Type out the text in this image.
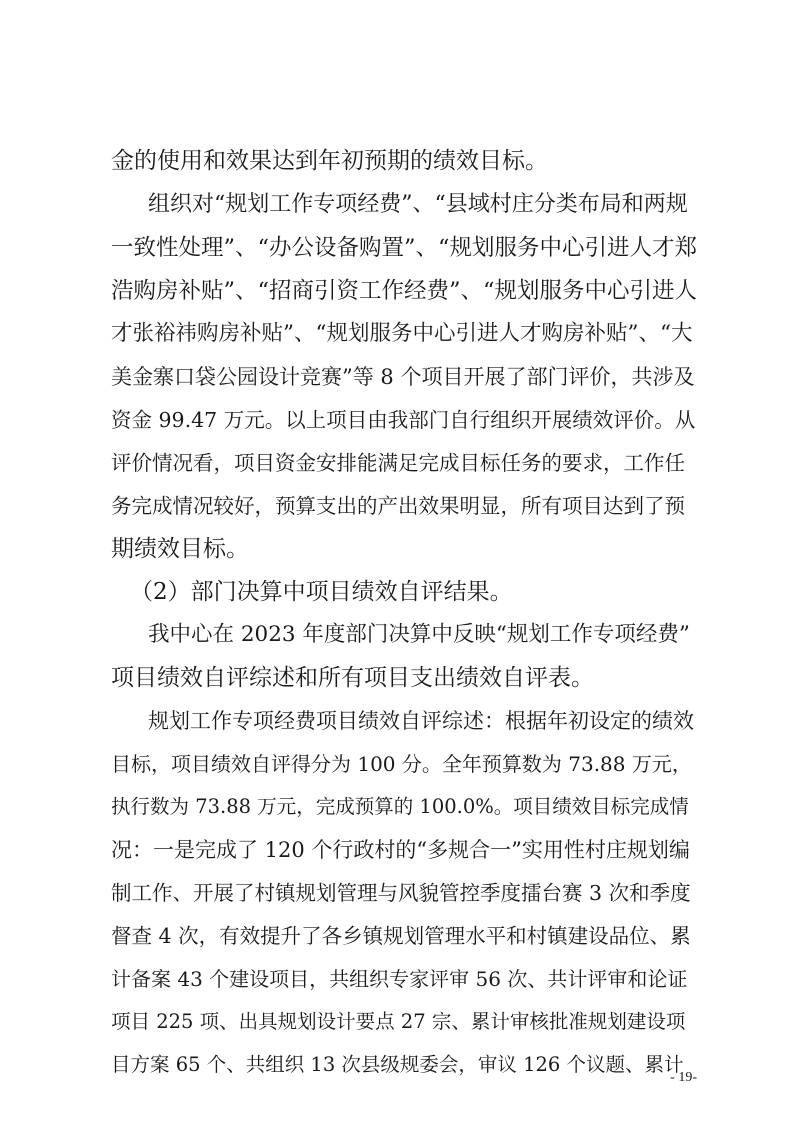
金的使用和效果达到年初预期的绩效目标。
组织对“规划工作专项经费”、“县域村庄分类布局和两规
一致性处理”、“办公设备购置”、“规划服务中心引进人才郑
浩购房补贴”、“招商引资工作经费”、“规划服务中心引进人
才张裕祎购房补贴”、“规划服务中心引进人才购房补贴”、“大
美金寨口袋公园设计竞赛”等 8 个项目开展了部门评价，共涉及
资金 99.47 万元。以上项目由我部门自行组织开展绩效评价。从
评价情况看，项目资金安排能满足完成目标任务的要求，工作任
务完成情况较好，预算支出的产出效果明显，所有项目达到了预
期绩效目标。
（2）部门决算中项目绩效自评结果。
我中心在 2023 年度部门决算中反映“规划工作专项经费”
项目绩效自评综述和所有项目支出绩效自评表。
规划工作专项经费项目绩效自评综述：根据年初设定的绩效
目标，项目绩效自评得分为 100 分。全年预算数为 73.88 万元，
执行数为 73.88 万元，完成预算的 100.0%。项目绩效目标完成情
况：一是完成了 120 个行政村的“多规合一”实用性村庄规划编
制工作、开展了村镇规划管理与风貌管控季度擂台赛 3 次和季度
督查 4 次，有效提升了各乡镇规划管理水平和村镇建设品位、累
计备案 43 个建设项目，共组织专家评审 56 次、共计评审和论证
项目 225 项、出具规划设计要点 27 宗、累计审核批准规划建设项
目方案 65 个、共组织 13 次县级规委会，审议 126 个议题、累计
- 19-
